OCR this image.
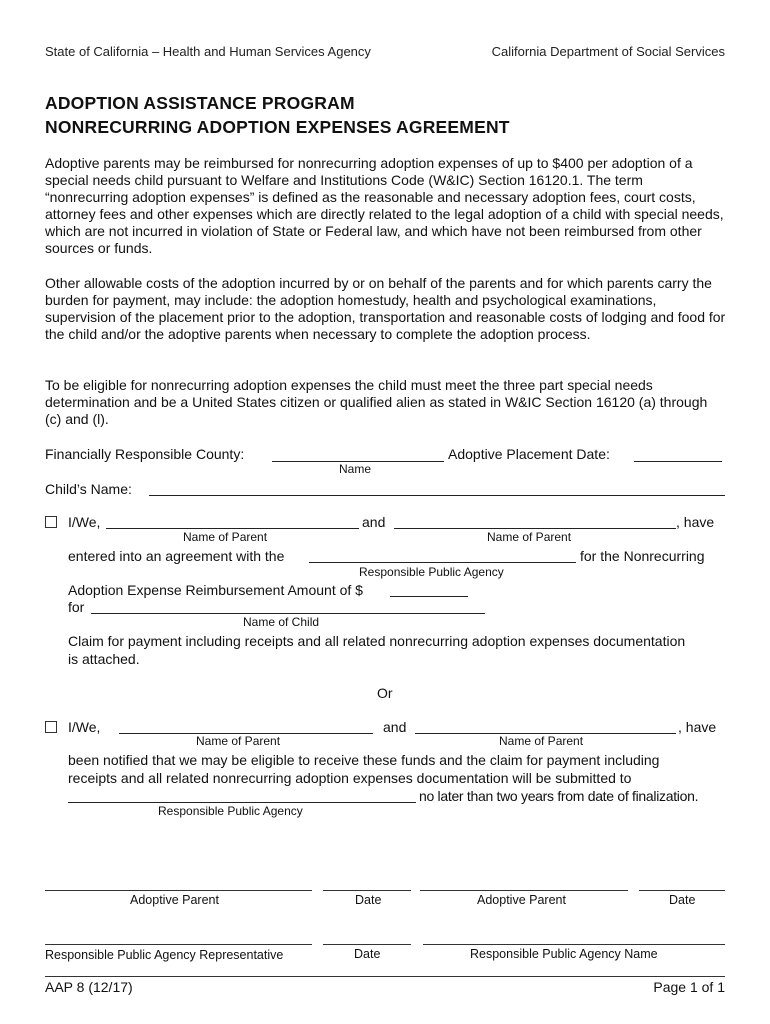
State of California – Health and Human Services Agency	California Department of Social Services
ADOPTION ASSISTANCE PROGRAM
NONRECURRING ADOPTION EXPENSES AGREEMENT
Adoptive parents may be reimbursed for nonrecurring adoption expenses of up to $400 per adoption of a special needs child pursuant to Welfare and Institutions Code (W&IC) Section 16120.1. The term “nonrecurring adoption expenses” is defined as the reasonable and necessary adoption fees, court costs, attorney fees and other expenses which are directly related to the legal adoption of a child with special needs, which are not incurred in violation of State or Federal law, and which have not been reimbursed from other sources or funds.
Other allowable costs of the adoption incurred by or on behalf of the parents and for which parents carry the burden for payment, may include: the adoption homestudy, health and psychological examinations, supervision of the placement prior to the adoption, transportation and reasonable costs of lodging and food for the child and/or the adoptive parents when necessary to complete the adoption process.
To be eligible for nonrecurring adoption expenses the child must meet the three part special needs determination and be a United States citizen or qualified alien as stated in W&IC Section 16120 (a) through (c) and (l).
Financially Responsible County:	Adoptive Placement Date:
Name
Child’s Name:
I/We,	and	, have
Name of Parent	Name of Parent
entered into an agreement with the	for the Nonrecurring
Responsible Public Agency
Adoption Expense Reimbursement Amount of $
for
Name of Child
Claim for payment including receipts and all related nonrecurring adoption expenses documentation
is attached.
Or
I/We,	and	, have
Name of Parent	Name of Parent
been notified that we may be eligible to receive these funds and the claim for payment including
receipts and all related nonrecurring adoption expenses documentation will be submitted to
no later than two years from date of finalization.
Responsible Public Agency
Adoptive Parent	Date	Adoptive Parent	Date
Responsible Public Agency Representative	Date	Responsible Public Agency Name
AAP 8 (12/17)	Page 1 of 1
